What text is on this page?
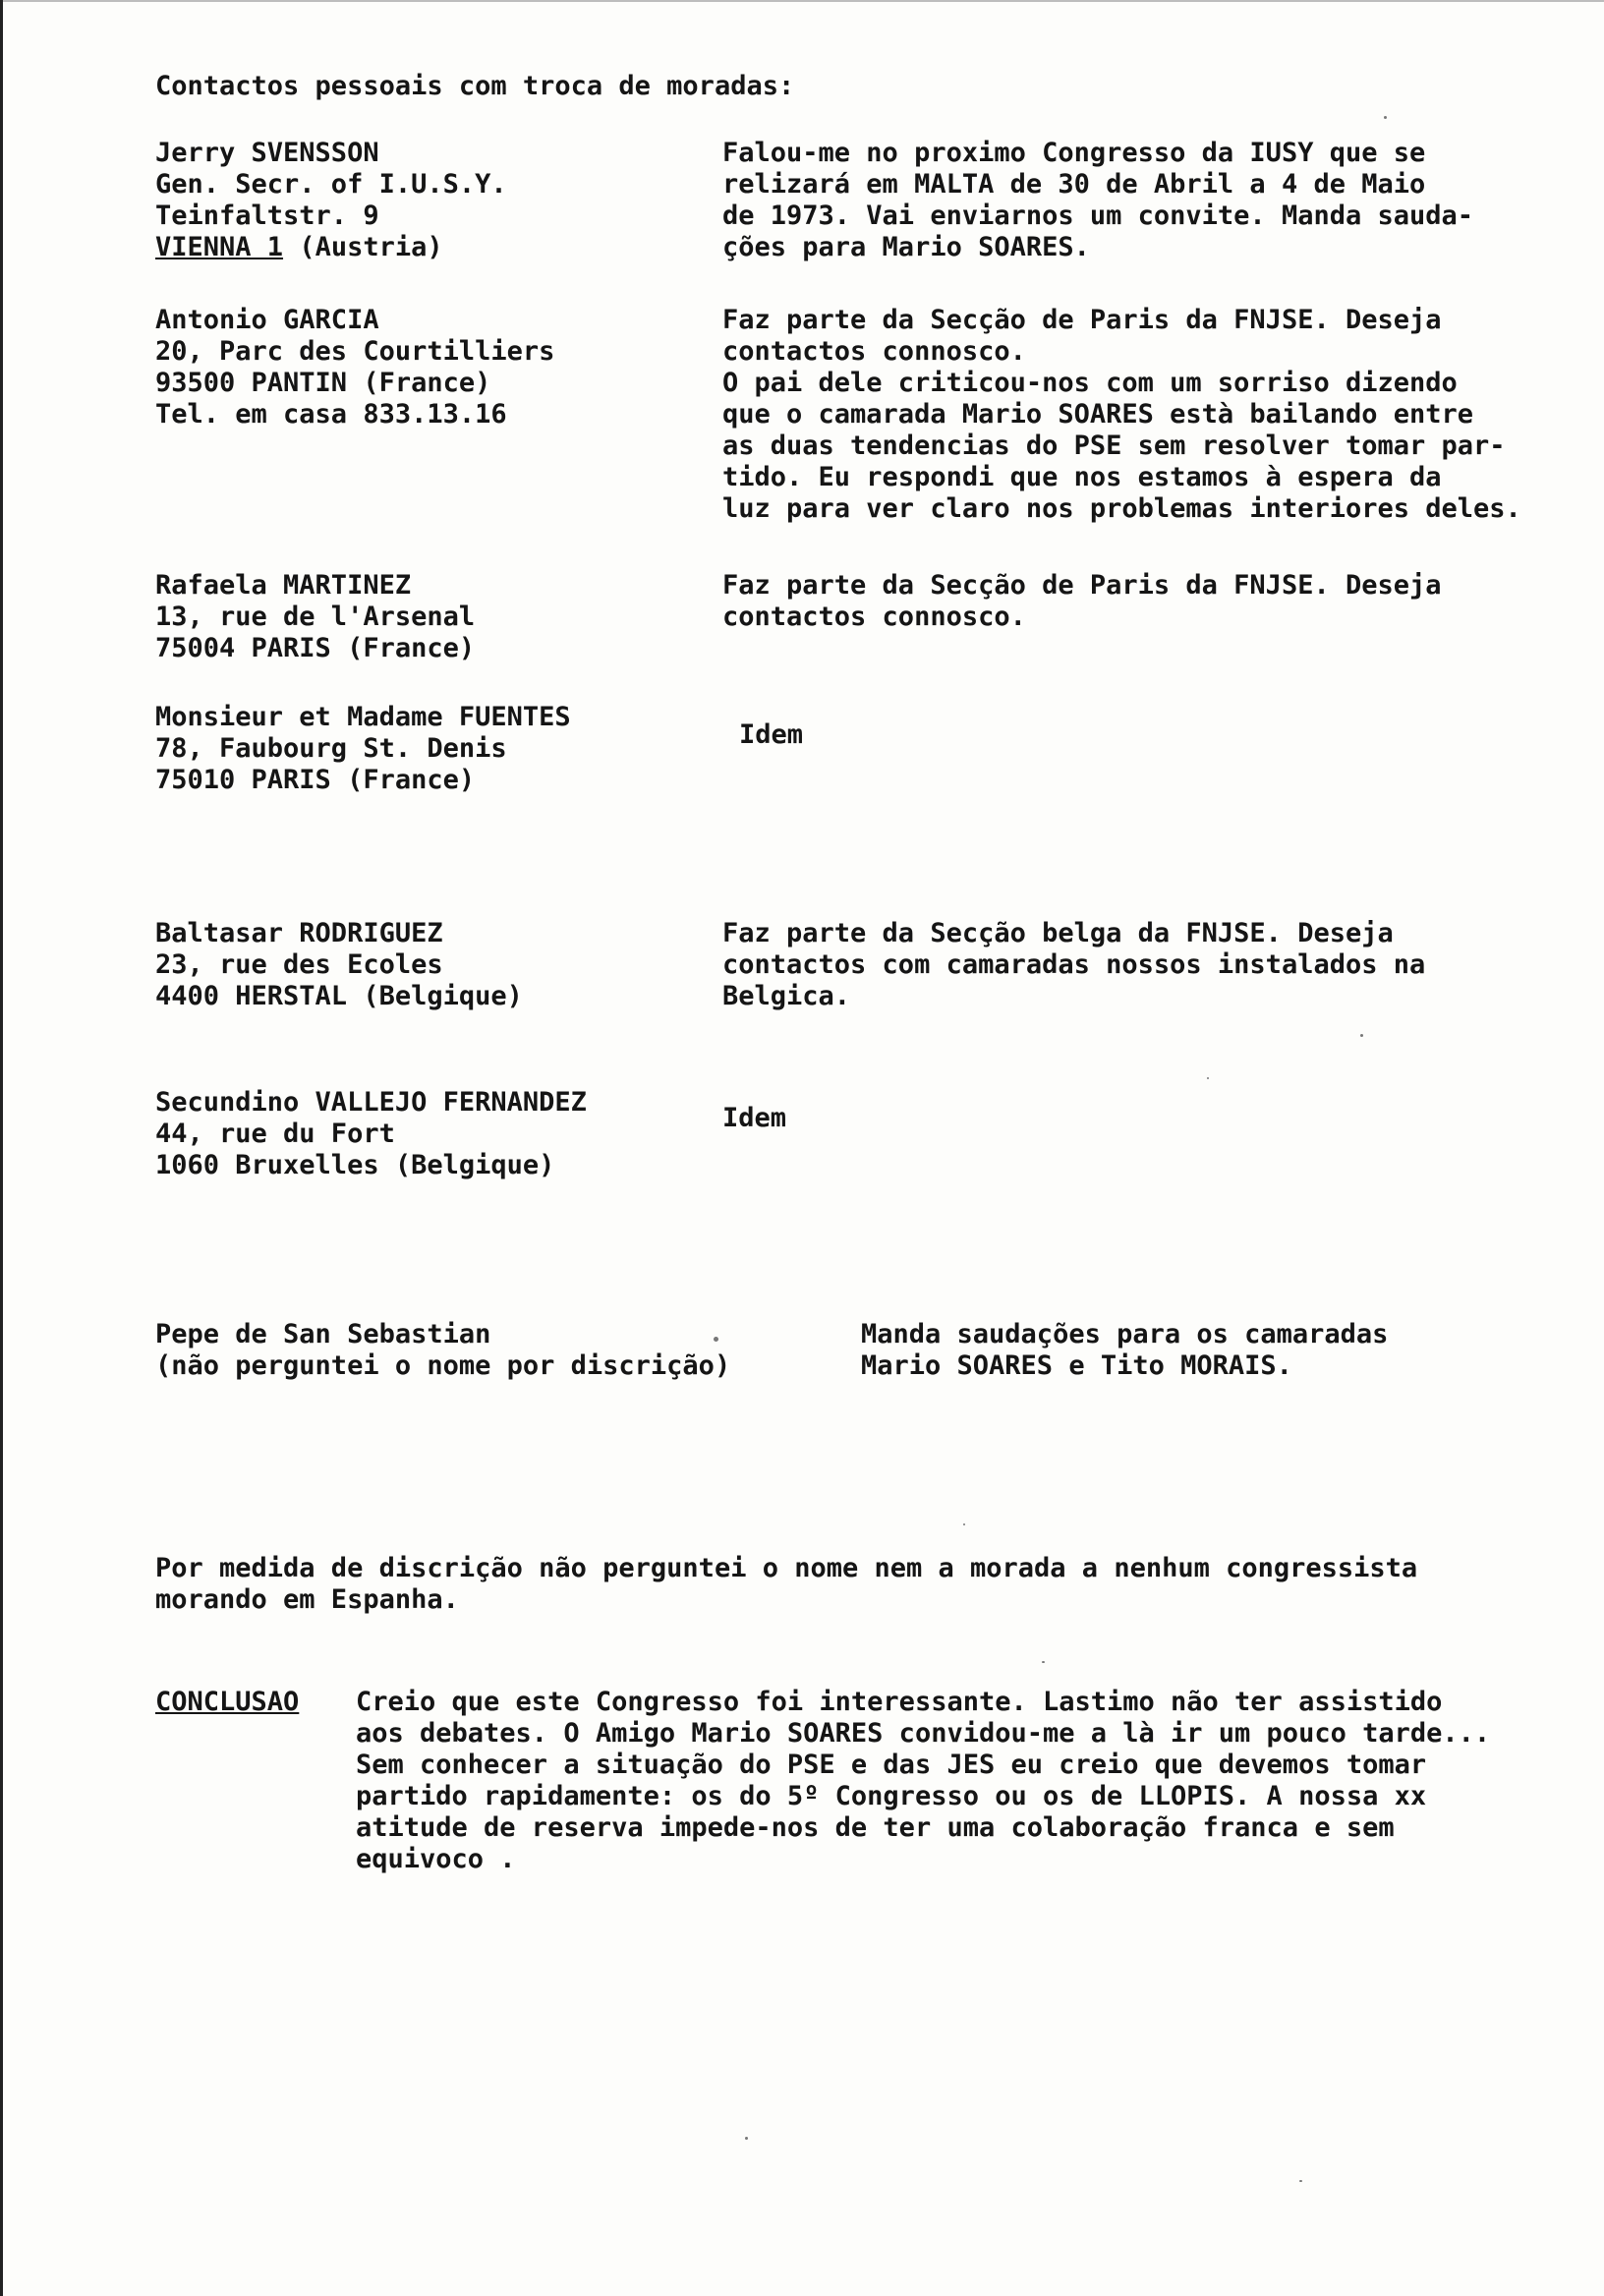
Contactos pessoais com troca de moradas:
Jerry SVENSSON
Gen. Secr. of I.U.S.Y.
Teinfaltstr. 9
VIENNA 1 (Austria)
Falou-me no proximo Congresso da IUSY que se
relizará em MALTA de 30 de Abril a 4 de Maio
de 1973. Vai enviarnos um convite. Manda sauda-
ções para Mario SOARES.
Antonio GARCIA
20, Parc des Courtilliers
93500 PANTIN (France)
Tel. em casa 833.13.16
Faz parte da Secção de Paris da FNJSE. Deseja
contactos connosco.
O pai dele criticou-nos com um sorriso dizendo
que o camarada Mario SOARES està bailando entre
as duas tendencias do PSE sem resolver tomar par-
tido. Eu respondi que nos estamos à espera da
luz para ver claro nos problemas interiores deles.
Rafaela MARTINEZ
13, rue de l'Arsenal
75004 PARIS (France)
Faz parte da Secção de Paris da FNJSE. Deseja
contactos connosco.
Monsieur et Madame FUENTES
78, Faubourg St. Denis
75010 PARIS (France)
Idem
Baltasar RODRIGUEZ
23, rue des Ecoles
4400 HERSTAL (Belgique)
Faz parte da Secção belga da FNJSE. Deseja
contactos com camaradas nossos instalados na
Belgica.
Secundino VALLEJO FERNANDEZ
44, rue du Fort
1060 Bruxelles (Belgique)
Idem
Pepe de San Sebastian
(não perguntei o nome por discrição)
Manda saudações para os camaradas
Mario SOARES e Tito MORAIS.
Por medida de discrição não perguntei o nome nem a morada a nenhum congressista
morando em Espanha.
CONCLUSAO Creio que este Congresso foi interessante. Lastimo não ter assistido
aos debates. O Amigo Mario SOARES convidou-me a là ir um pouco tarde...
Sem conhecer a situação do PSE e das JES eu creio que devemos tomar
partido rapidamente: os do 5º Congresso ou os de LLOPIS. A nossa xx
atitude de reserva impede-nos de ter uma colaboração franca e sem
equivoco .
